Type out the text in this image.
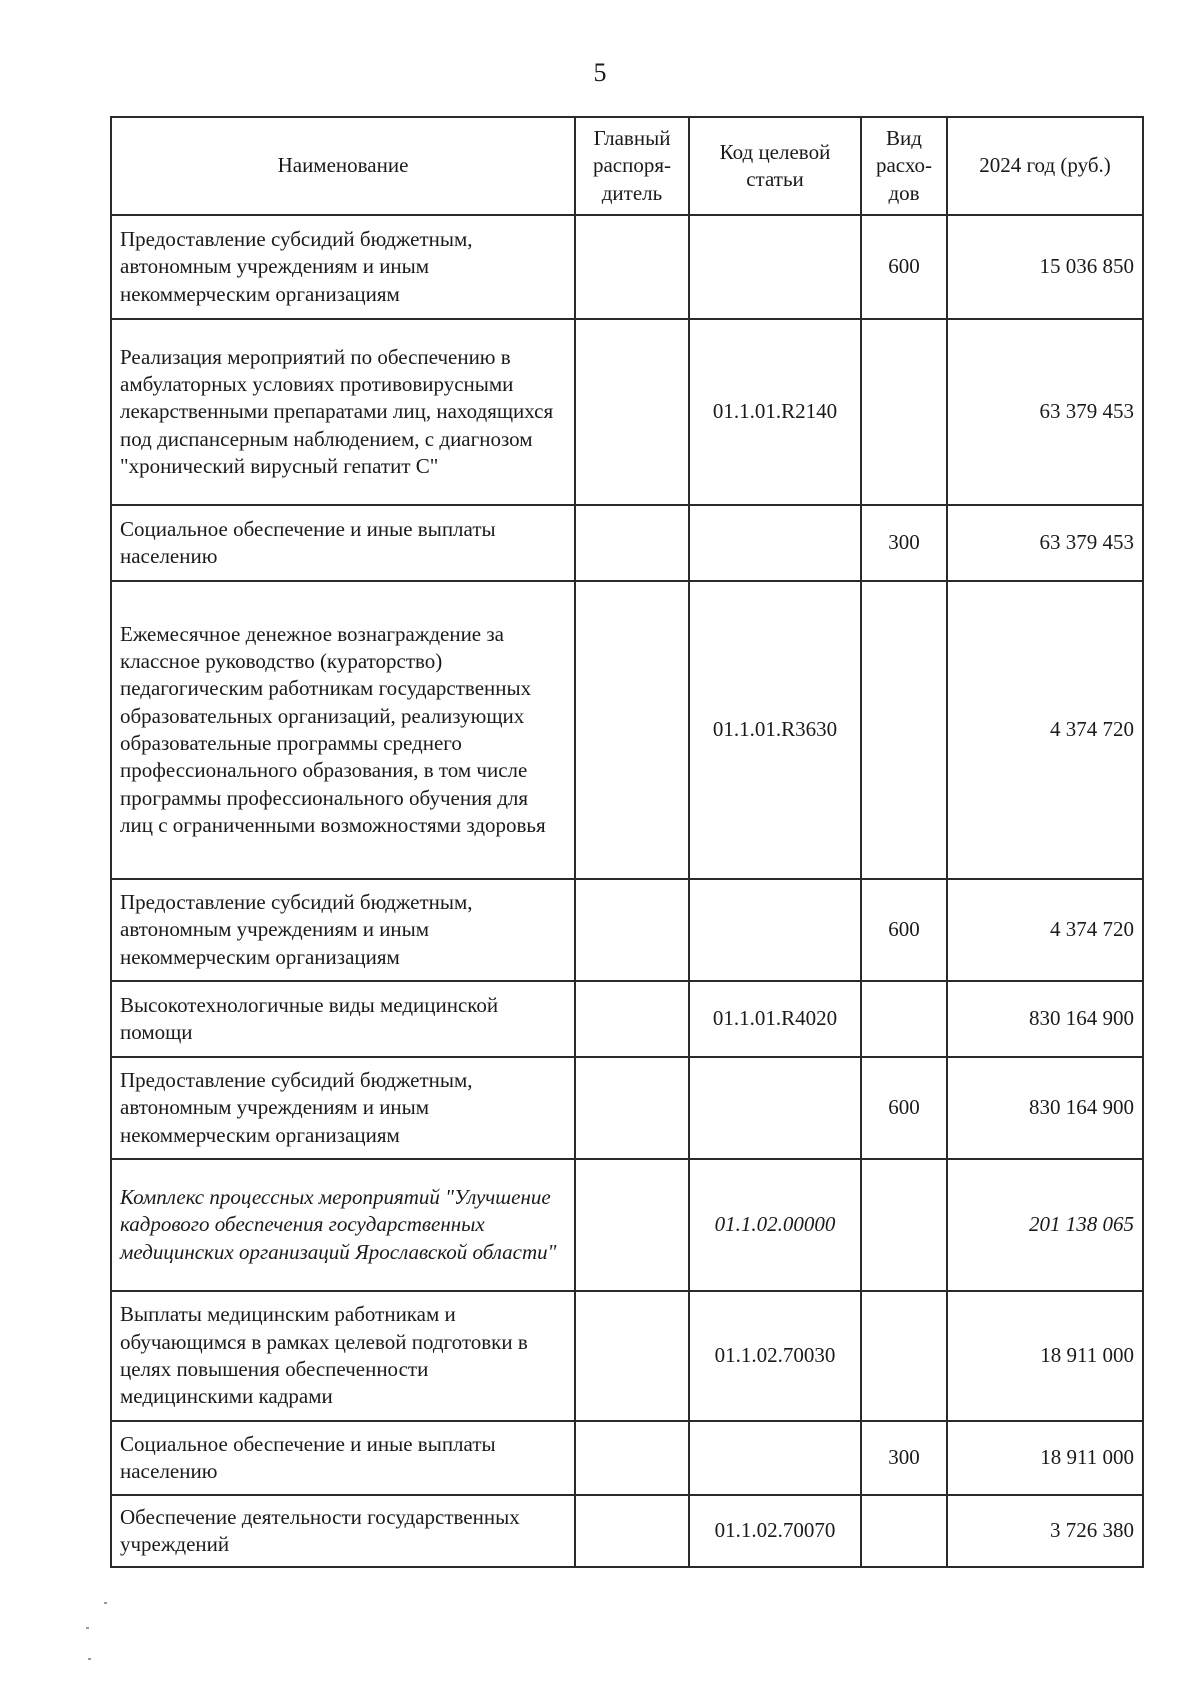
5
Наименование	Главный распоря-дитель	Код целевой статьи	Вид расхо-дов	2024 год (руб.)
Предоставление субсидий бюджетным, автономным учреждениям и иным некоммерческим организациям			600	15 036 850
Реализация мероприятий по обеспечению в амбулаторных условиях противовирусными лекарственными препаратами лиц, находящихся под диспансерным наблюдением, с диагнозом "хронический вирусный гепатит С"		01.1.01.R2140		63 379 453
Социальное обеспечение и иные выплаты населению			300	63 379 453
Ежемесячное денежное вознаграждение за классное руководство (кураторство) педагогическим работникам государственных образовательных организаций, реализующих образовательные программы среднего профессионального образования, в том числе программы профессионального обучения для лиц с ограниченными возможностями здоровья		01.1.01.R3630		4 374 720
Предоставление субсидий бюджетным, автономным учреждениям и иным некоммерческим организациям			600	4 374 720
Высокотехнологичные виды медицинской помощи		01.1.01.R4020		830 164 900
Предоставление субсидий бюджетным, автономным учреждениям и иным некоммерческим организациям			600	830 164 900
Комплекс процессных мероприятий "Улучшение кадрового обеспечения государственных медицинских организаций Ярославской области"		01.1.02.00000		201 138 065
Выплаты медицинским работникам и обучающимся в рамках целевой подготовки в целях повышения обеспеченности медицинскими кадрами		01.1.02.70030		18 911 000
Социальное обеспечение и иные выплаты населению			300	18 911 000
Обеспечение деятельности государственных учреждений		01.1.02.70070		3 726 380
